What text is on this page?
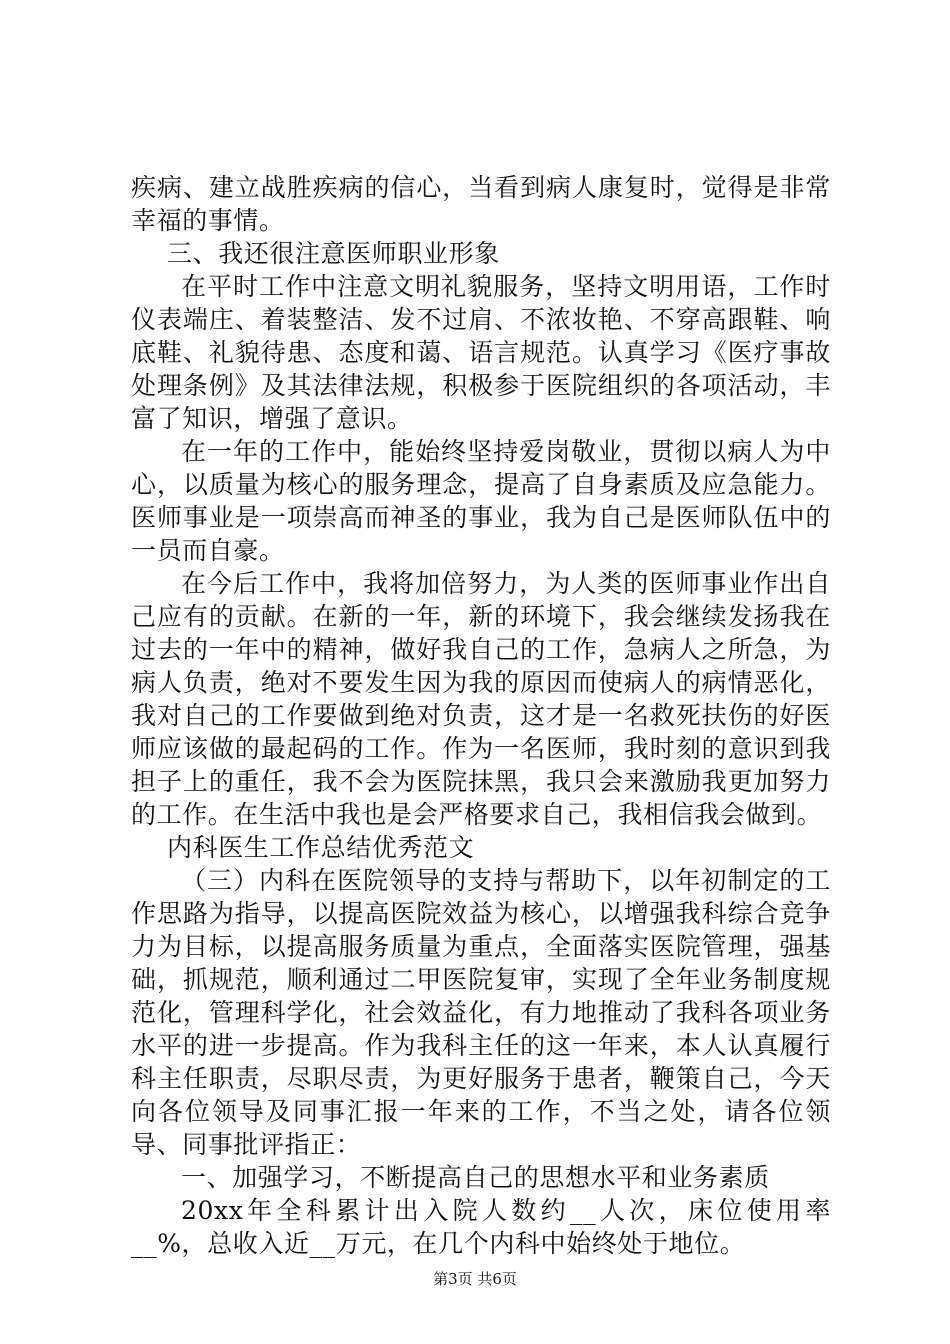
疾病、建立战胜疾病的信心，当看到病人康复时，觉得是非常幸福的事情。

三、我还很注意医师职业形象

在平时工作中注意文明礼貌服务，坚持文明用语，工作时仪表端庄、着装整洁、发不过肩、不浓妆艳、不穿高跟鞋、响底鞋、礼貌待患、态度和蔼、语言规范。认真学习《医疗事故处理条例》及其法律法规，积极参于医院组织的各项活动，丰富了知识，增强了意识。

在一年的工作中，能始终坚持爱岗敬业，贯彻以病人为中心，以质量为核心的服务理念，提高了自身素质及应急能力。医师事业是一项崇高而神圣的事业，我为自己是医师队伍中的一员而自豪。

在今后工作中，我将加倍努力，为人类的医师事业作出自己应有的贡献。在新的一年，新的环境下，我会继续发扬我在过去的一年中的精神，做好我自己的工作，急病人之所急，为病人负责，绝对不要发生因为我的原因而使病人的病情恶化，我对自己的工作要做到绝对负责，这才是一名救死扶伤的好医师应该做的最起码的工作。作为一名医师，我时刻的意识到我担子上的重任，我不会为医院抹黑，我只会来激励我更加努力的工作。在生活中我也是会严格要求自己，我相信我会做到。

内科医生工作总结优秀范文

（三）内科在医院领导的支持与帮助下，以年初制定的工作思路为指导，以提高医院效益为核心，以增强我科综合竞争力为目标，以提高服务质量为重点，全面落实医院管理，强基础，抓规范，顺利通过二甲医院复审，实现了全年业务制度规范化，管理科学化，社会效益化，有力地推动了我科各项业务水平的进一步提高。作为我科主任的这一年来，本人认真履行科主任职责，尽职尽责，为更好服务于患者，鞭策自己，今天向各位领导及同事汇报一年来的工作，不当之处，请各位领导、同事批评指正：

一、加强学习，不断提高自己的思想水平和业务素质

20xx年全科累计出入院人数约__人次，床位使用率__%，总收入近__万元，在几个内科中始终处于地位。

第3页 共6页
